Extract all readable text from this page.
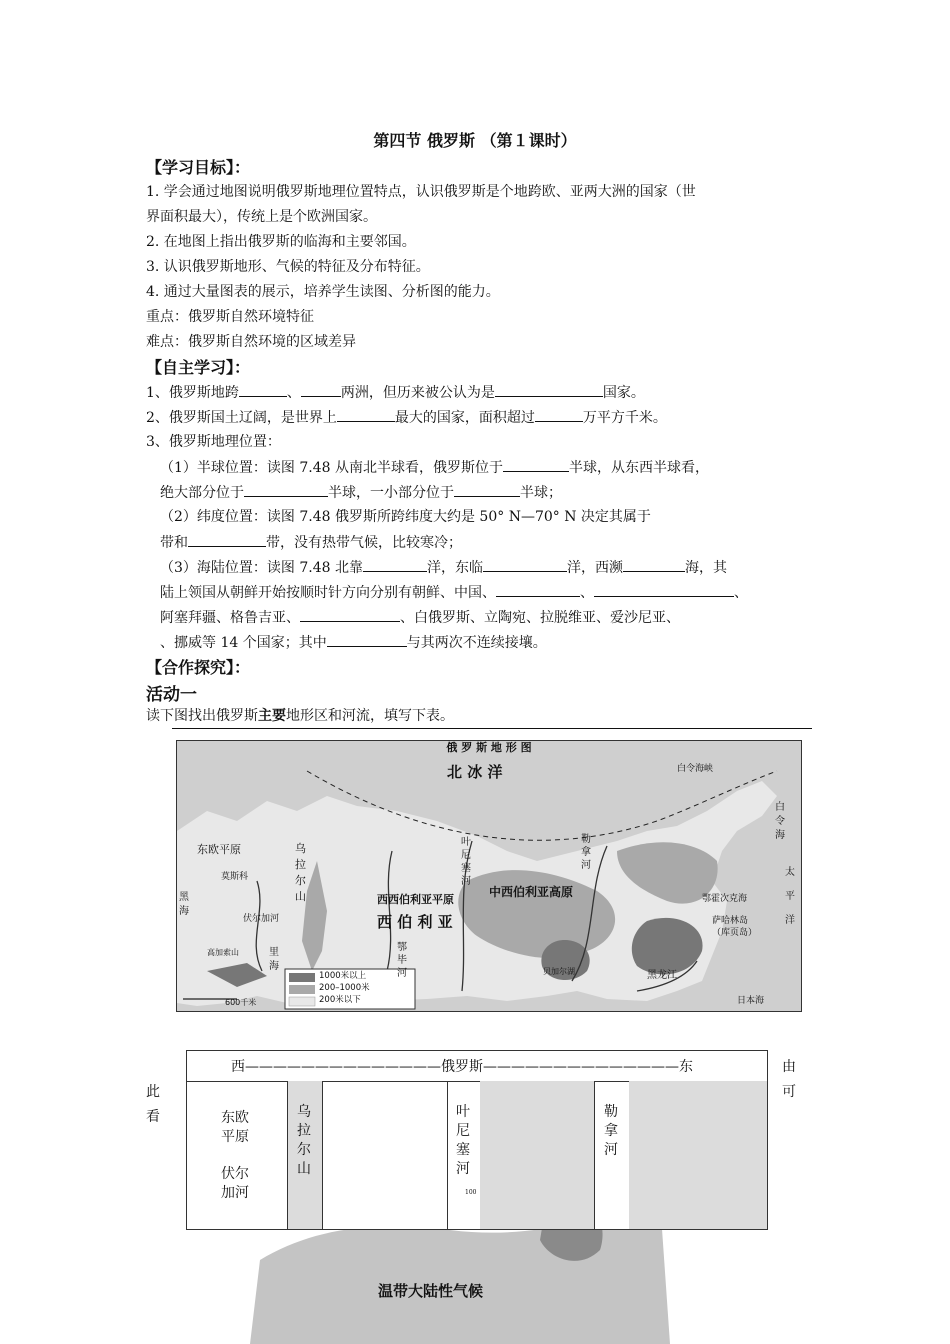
第四节 俄罗斯 （第１课时）
【学习目标】：
1. 学会通过地图说明俄罗斯地理位置特点，认识俄罗斯是个地跨欧、亚两大洲的国家（世
界面积最大），传统上是个欧洲国家。
2. 在地图上指出俄罗斯的临海和主要邻国。
3. 认识俄罗斯地形、气候的特征及分布特征。
4. 通过大量图表的展示，培养学生读图、分析图的能力。
重点：俄罗斯自然环境特征
难点：俄罗斯自然环境的区域差异
【自主学习】：
1、俄罗斯地跨	、	两洲，但历来被公认为是	国家。
2、俄罗斯国土辽阔，是世界上	最大的国家，面积超过	万平方千米。
3、俄罗斯地理位置：
（1）半球位置：读图 7.48 从南北半球看，俄罗斯位于	半球，从东西半球看，
绝大部分位于	半球，一小部分位于	半球；
（2）纬度位置：读图 7.48 俄罗斯所跨纬度大约是 50° N—70° N 决定其属于
带和	带，没有热带气候，比较寒冷；
（3）海陆位置：读图 7.48 北靠	洋，东临	洋，西濒	海，其
陆上领国从朝鲜开始按顺时针方向分别有朝鲜、中国、	、	、
阿塞拜疆、格鲁吉亚、	、白俄罗斯、立陶宛、拉脱维亚、爱沙尼亚、
、挪威等 14 个国家；其中	与其两次不连续接壤。
【合作探究】：
活动一
读下图找出俄罗斯主要地形区和河流，填写下表。
俄 罗 斯 地 形 图
北 冰 洋	白令海峡
白令海
太平洋
鄂霍次克海
萨哈林岛
（库页岛）
日本海
莫斯科
东欧平原
伏尔加河
乌拉尔山	西西伯利亚平原
中西伯利亚高原
西 伯 利 亚
叶尼塞河
鄂毕河
勒拿河
黑龙江
贝加尔湖
里海
黑海
高加索山
1000米以上
200–1000米
200米以下
600千米
温带大陆性气候
西——————————————俄罗斯——————————————东
东欧
平原
伏尔
加河
乌拉尔山
叶尼塞河
勒拿河
100
此
看
由
可
